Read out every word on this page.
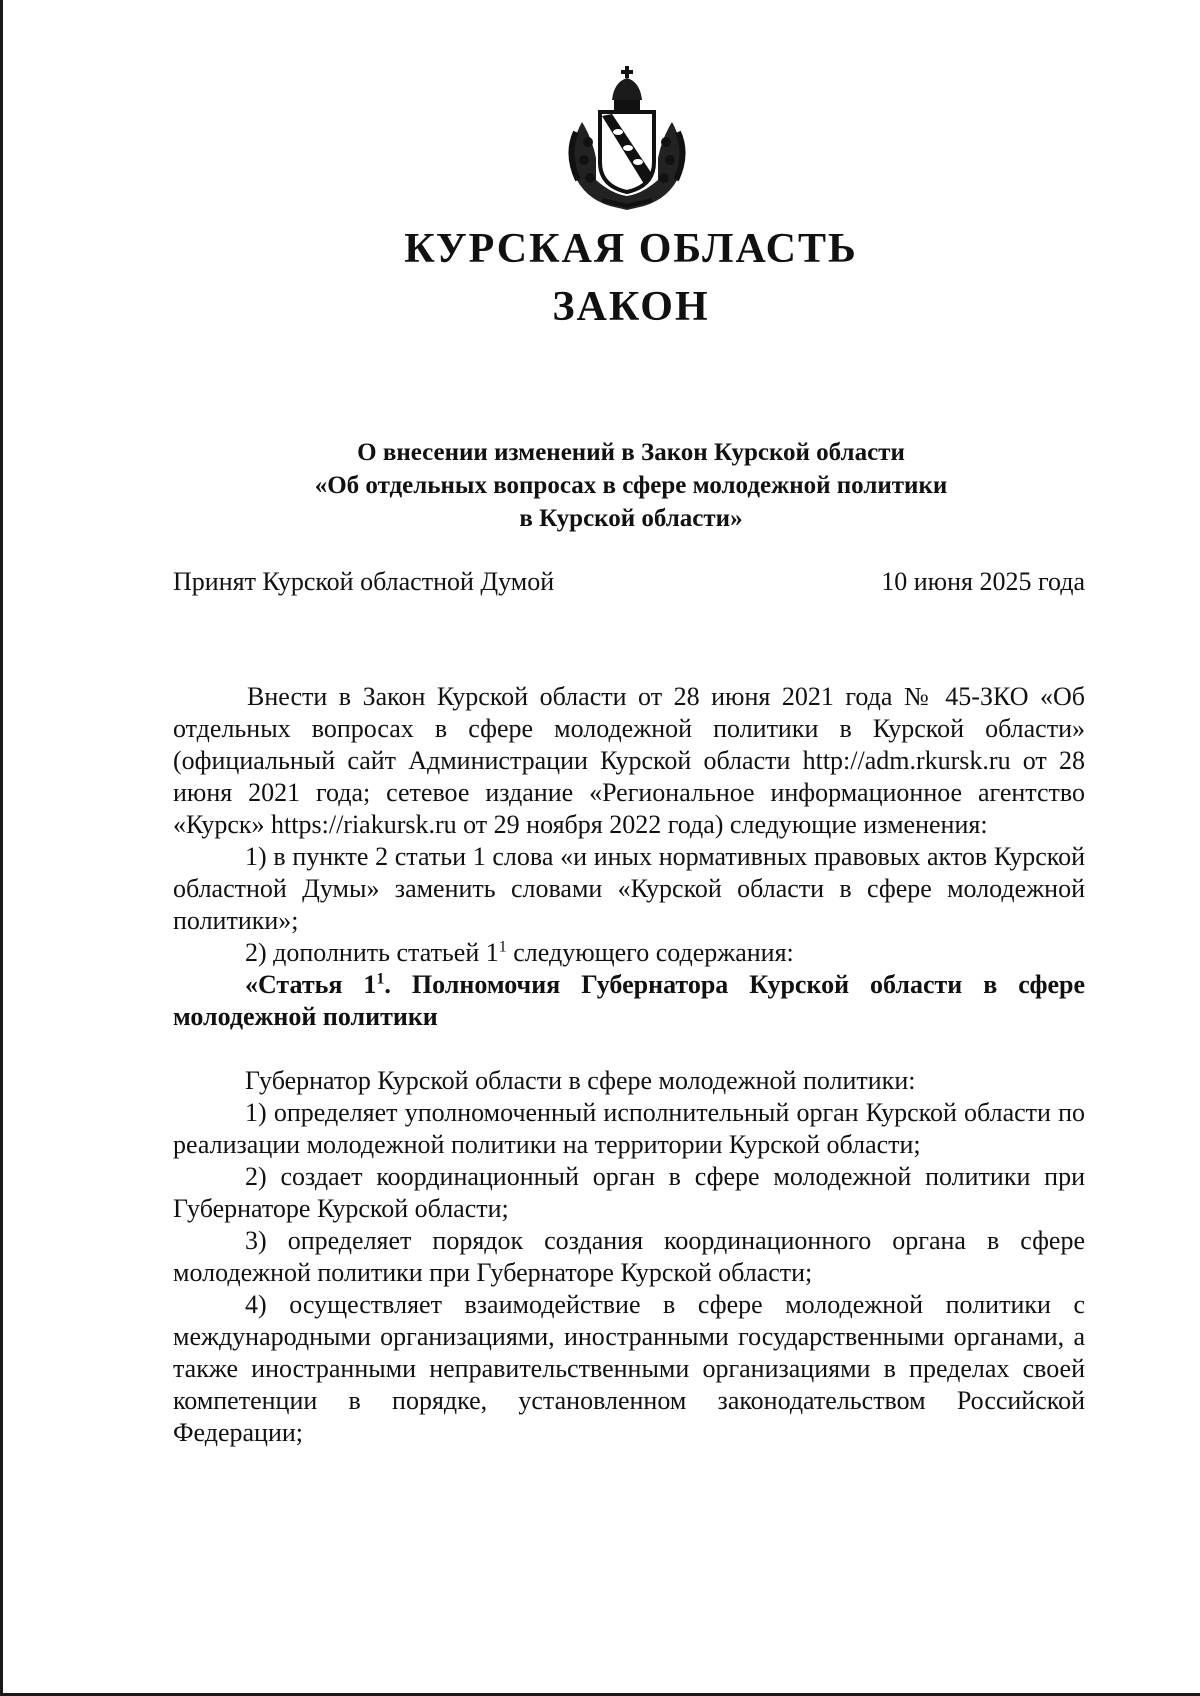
КУРСКАЯ ОБЛАСТЬ
ЗАКОН
О внесении изменений в Закон Курской области
«Об отдельных вопросах в сфере молодежной политики
в Курской области»
Принят Курской областной Думой	10 июня 2025 года

Внести в Закон Курской области от 28 июня 2021 года № 45-ЗКО «Об отдельных вопросах в сфере молодежной политики в Курской области» (официальный сайт Администрации Курской области http://adm.rkursk.ru от 28 июня 2021 года; сетевое издание «Региональное информационное агентство «Курск» https://riakursk.ru от 29 ноября 2022 года) следующие изменения:

1) в пункте 2 статьи 1 слова «и иных нормативных правовых актов Курской областной Думы» заменить словами «Курской области в сфере молодежной политики»;

2) дополнить статьей $1^1$ следующего содержания:

«Статья $1^1$. Полномочия Губернатора Курской области в сфере молодежной политики

Губернатор Курской области в сфере молодежной политики:

1) определяет уполномоченный исполнительный орган Курской области по реализации молодежной политики на территории Курской области;

2) создает координационный орган в сфере молодежной политики при Губернаторе Курской области;

3) определяет порядок создания координационного органа в сфере молодежной политики при Губернаторе Курской области;

4) осуществляет взаимодействие в сфере молодежной политики с международными организациями, иностранными государственными органами, а также иностранными неправительственными организациями в пределах своей компетенции в порядке, установленном законодательством Российской Федерации;
